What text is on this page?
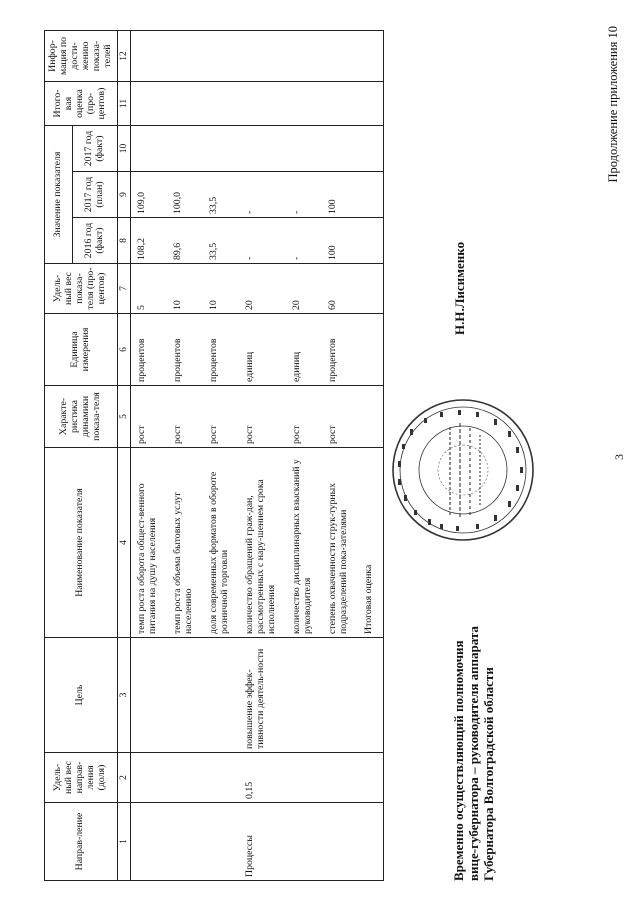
3
Продолжение приложения 10
Направ-ление	Удель-ный вес направ-ления (доля)	Цель	Наименование показателя	Характе-ристика динамики показа-теля	Единица измерения	Удель-ный вес показа-теля (про-центов)	Значение показателя			Итого-вая оценка (про-центов)	Инфор-мация по дости-жению показа-телей
							2016 год (факт)	2017 год (план)	2017 год (факт)		
1	2	3	4	5	6	7	8	9	10	11	12
			темп роста оборота общест-венного питания на душу населения	рост	процентов	5	108,2	109,0			
			темп роста объема бытовых услуг населению	рост	процентов	10	89,6	100,0			
			доля современных форматов в обороте розничной торговли	рост	процентов	10	33,5	33,5			
Процессы	0,15	повышение эффек-тивности деятель-ности	количество обращений граж-дан, рассмотренных с нару-шением срока исполнения	рост	единиц	20	-	-			
			количество дисциплинарных взысканий у руководителя	рост	единиц	20	-	-			
			степень охваченности струк-турных подразделений пока-зателями	рост	процентов	60	100	100			
			Итоговая оценка								
Временно осуществляющий полномочия вице-губернатора – руководителя аппарата Губернатора Волгоградской области
Н.Н.Лисименко
